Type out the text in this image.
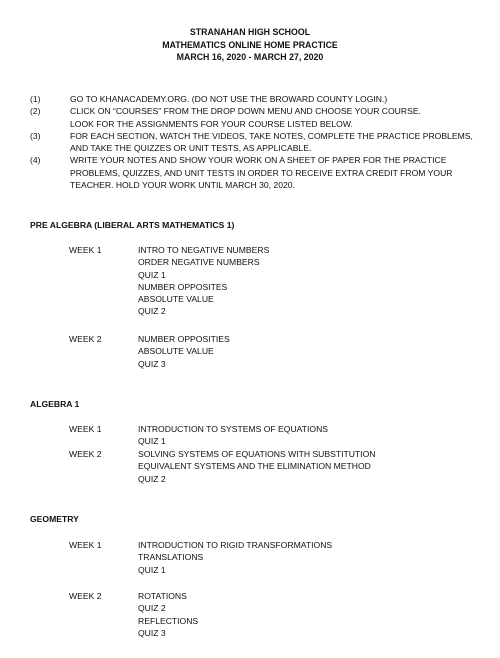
STRANAHAN HIGH SCHOOL
MATHEMATICS ONLINE HOME PRACTICE
MARCH 16, 2020 - MARCH 27, 2020
(1)	GO TO KHANACADEMY.ORG. (DO NOT USE THE BROWARD COUNTY LOGIN.)
(2)	CLICK ON “COURSES” FROM THE DROP DOWN MENU AND CHOOSE YOUR COURSE.
LOOK FOR THE ASSIGNMENTS FOR YOUR COURSE LISTED BELOW.
(3)	FOR EACH SECTION, WATCH THE VIDEOS, TAKE NOTES, COMPLETE THE PRACTICE PROBLEMS,
AND TAKE THE QUIZZES OR UNIT TESTS, AS APPLICABLE.
(4)	WRITE YOUR NOTES AND SHOW YOUR WORK ON A SHEET OF PAPER FOR THE PRACTICE
PROBLEMS, QUIZZES, AND UNIT TESTS IN ORDER TO RECEIVE EXTRA CREDIT FROM YOUR
TEACHER. HOLD YOUR WORK UNTIL MARCH 30, 2020.
PRE ALGEBRA (LIBERAL ARTS MATHEMATICS 1)
WEEK 1	INTRO TO NEGATIVE NUMBERS
ORDER NEGATIVE NUMBERS
QUIZ 1
NUMBER OPPOSITES
ABSOLUTE VALUE
QUIZ 2
WEEK 2	NUMBER OPPOSITIES
ABSOLUTE VALUE
QUIZ 3
ALGEBRA 1
WEEK 1	INTRODUCTION TO SYSTEMS OF EQUATIONS
QUIZ 1
WEEK 2	SOLVING SYSTEMS OF EQUATIONS WITH SUBSTITUTION
EQUIVALENT SYSTEMS AND THE ELIMINATION METHOD
QUIZ 2
GEOMETRY
WEEK 1	INTRODUCTION TO RIGID TRANSFORMATIONS
TRANSLATIONS
QUIZ 1
WEEK 2	ROTATIONS
QUIZ 2
REFLECTIONS
QUIZ 3
